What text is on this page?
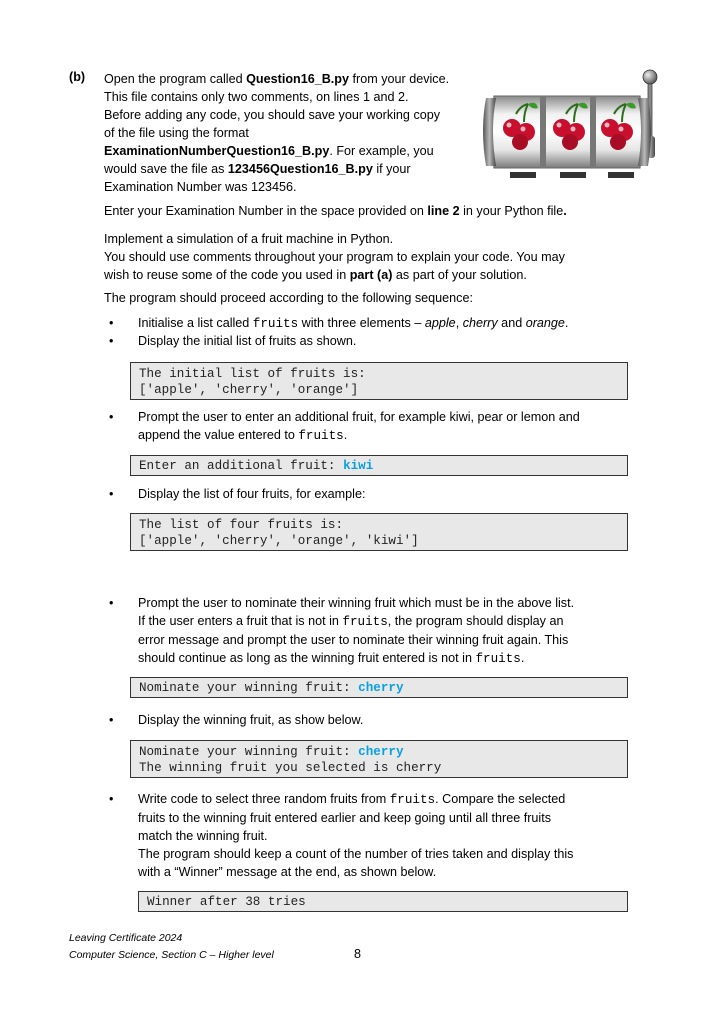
(b) Open the program called Question16_B.py from your device.
This file contains only two comments, on lines 1 and 2.
Before adding any code, you should save your working copy
of the file using the format
ExaminationNumberQuestion16_B.py. For example, you
would save the file as 123456Question16_B.py if your
Examination Number was 123456.
Enter your Examination Number in the space provided on line 2 in your Python file.
Implement a simulation of a fruit machine in Python.
You should use comments throughout your program to explain your code. You may
wish to reuse some of the code you used in part (a) as part of your solution.
The program should proceed according to the following sequence:
• Initialise a list called fruits with three elements – apple, cherry and orange.
• Display the initial list of fruits as shown.
The initial list of fruits is:
['apple', 'cherry', 'orange']
• Prompt the user to enter an additional fruit, for example kiwi, pear or lemon and
append the value entered to fruits.
Enter an additional fruit: kiwi
• Display the list of four fruits, for example:
The list of four fruits is:
['apple', 'cherry', 'orange', 'kiwi']
• Prompt the user to nominate their winning fruit which must be in the above list.
If the user enters a fruit that is not in fruits, the program should display an
error message and prompt the user to nominate their winning fruit again. This
should continue as long as the winning fruit entered is not in fruits.
Nominate your winning fruit: cherry
• Display the winning fruit, as show below.
Nominate your winning fruit: cherry
The winning fruit you selected is cherry
• Write code to select three random fruits from fruits. Compare the selected
fruits to the winning fruit entered earlier and keep going until all three fruits
match the winning fruit.
The program should keep a count of the number of tries taken and display this
with a “Winner” message at the end, as shown below.
Winner after 38 tries
Leaving Certificate 2024
Computer Science, Section C – Higher level	8
